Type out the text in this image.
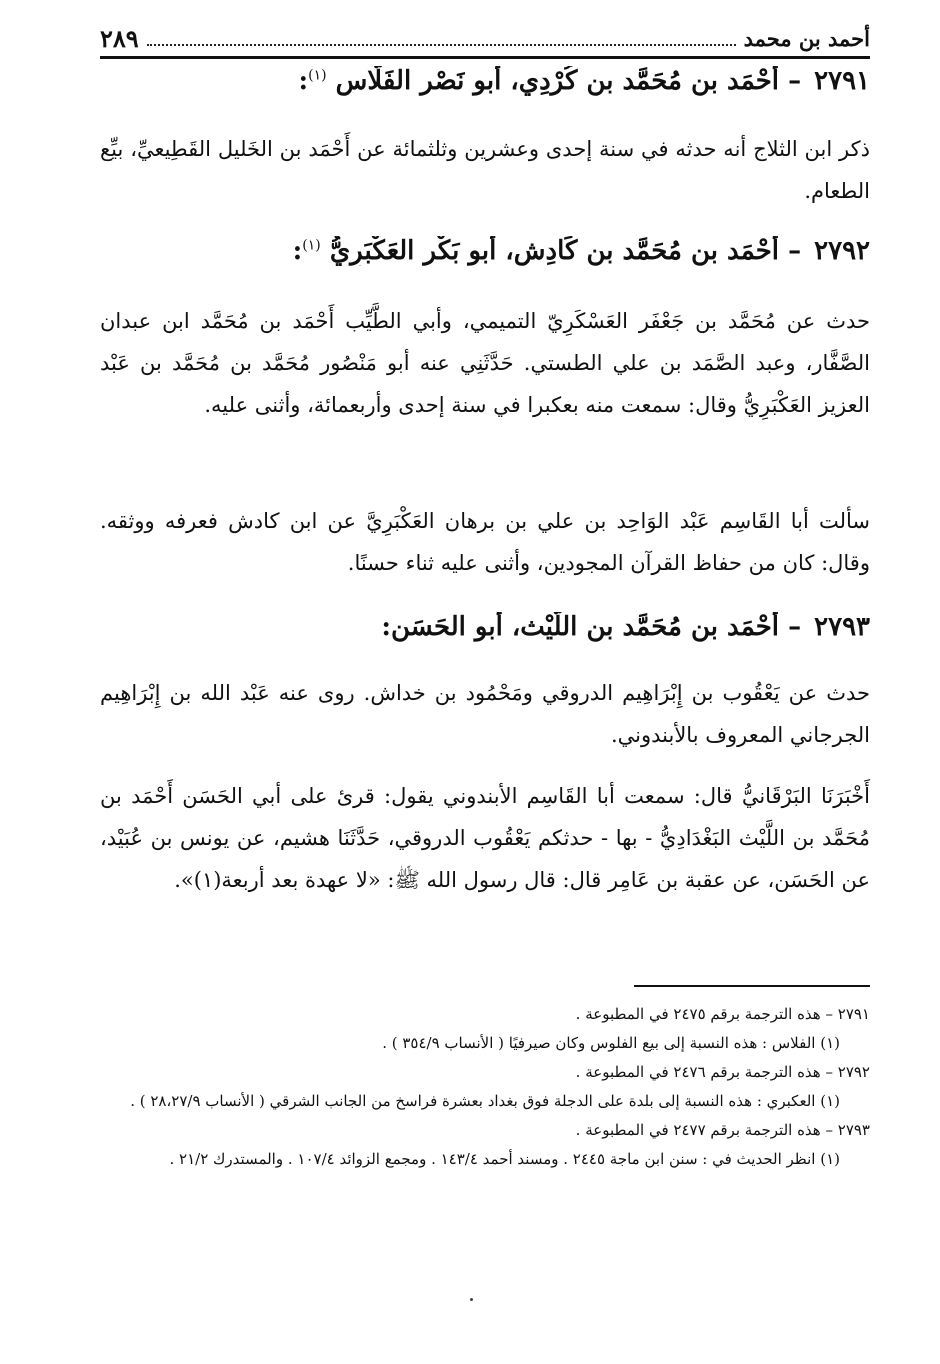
أحمد بن محمد
٢٨٩
٢٧٩١ – أَحْمَد بن مُحَمَّد بن كُرْدِي، أبو نَصْر الفَلَّاس $^{(١)}$:

ذكر ابن الثلاج أنه حدثه في سنة إحدى وعشرين وثلثمائة عن أَحْمَد بن الخَليل القَطِيعيِّ، بيِّع الطعام.

٢٧٩٢ – أَحْمَد بن مُحَمَّد بن كَادِش، أبو بَكْر العَكْبَرِيُّ $^{(١)}$:

حدث عن مُحَمَّد بن جَعْفَر العَسْكَرِيّ التميمي، وأبي الطَّيِّب أَحْمَد بن مُحَمَّد ابن عبدان الصَّفَّار، وعبد الصَّمَد بن علي الطستي. حَدَّثَنِي عنه أبو مَنْصُور مُحَمَّد بن مُحَمَّد بن عَبْد العزيز العَكْبَرِيُّ وقال: سمعت منه بعكبرا في سنة إحدى وأربعمائة، وأثنى عليه.

سألت أبا القَاسِم عَبْد الوَاحِد بن علي بن برهان العَكْبَرِيَّ عن ابن كادش فعرفه ووثقه. وقال: كان من حفاظ القرآن المجودين، وأثنى عليه ثناء حسنًا.

٢٧٩٣ – أَحْمَد بن مُحَمَّد بن اللَّيْث، أبو الحَسَن:

حدث عن يَعْقُوب بن إِبْرَاهِيم الدروقي ومَحْمُود بن خداش. روى عنه عَبْد الله بن إِبْرَاهِيم الجرجاني المعروف بالأبندوني.

أَخْبَرَنَا البَرْقَانيُّ قال: سمعت أبا القَاسِم الأبندوني يقول: قرئ على أبي الحَسَن أَحْمَد بن مُحَمَّد بن اللَّيْث البَغْدَادِيُّ - بها - حدثكم يَعْقُوب الدروقي، حَدَّثَنَا هشيم، عن يونس بن عُبَيْد، عن الحَسَن، عن عقبة بن عَامِر قال: قال رسول الله ﷺ: «لا عهدة بعد أربعة(١)».

٢٧٩١ – هذه الترجمة برقم ٢٤٧٥ في المطبوعة .

(١) الفلاس : هذه النسبة إلى بيع الفلوس وكان صيرفيًا ( الأنساب ٣٥٤/٩ ) .

٢٧٩٢ – هذه الترجمة برقم ٢٤٧٦ في المطبوعة .

(١) العكبري : هذه النسبة إلى بلدة على الدجلة فوق بغداد بعشرة فراسخ من الجانب الشرقي ( الأنساب ٢٨،٢٧/٩ ) .

٢٧٩٣ – هذه الترجمة برقم ٢٤٧٧ في المطبوعة .

(١) انظر الحديث في : سنن ابن ماجة ٢٤٤٥ . ومسند أحمد ١٤٣/٤ . ومجمع الزوائد ١٠٧/٤ . والمستدرك ٢١/٢ .
